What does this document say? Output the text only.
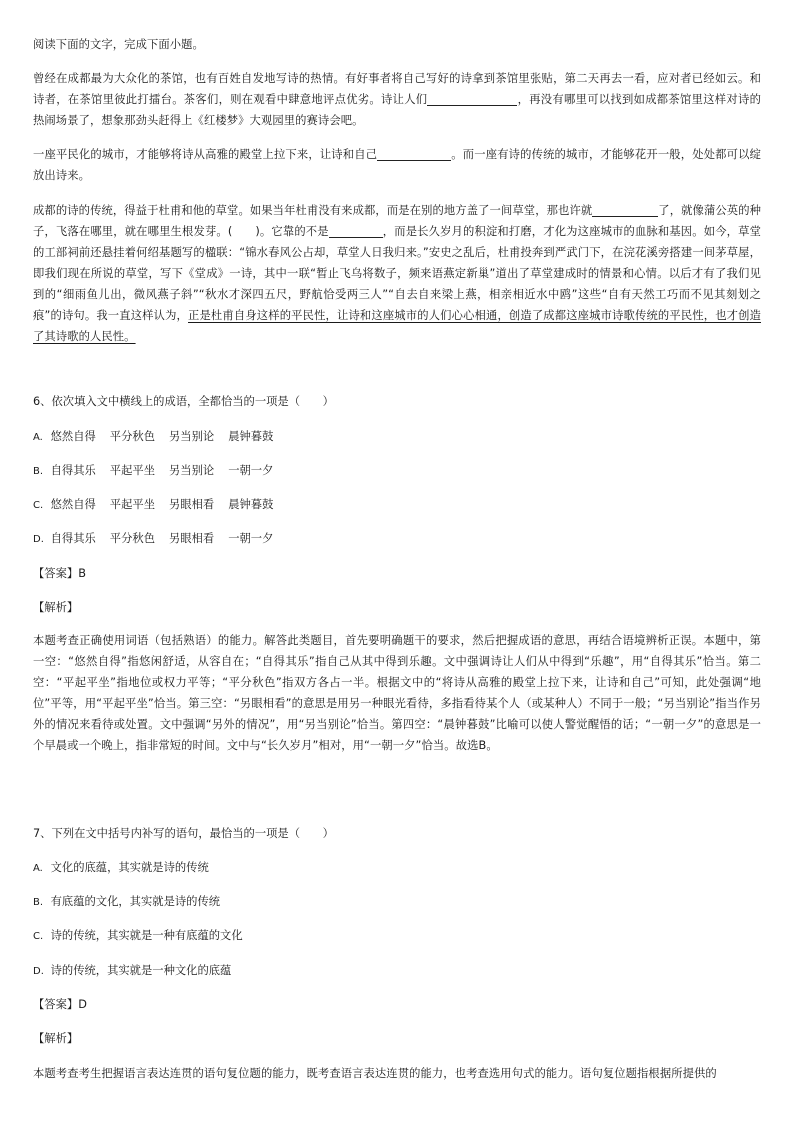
阅读下面的文字，完成下面小题。

曾经在成都最为大众化的茶馆，也有百姓自发地写诗的热情。有好事者将自己写好的诗拿到茶馆里张贴，第二天再去一看，应对者已经如云。和诗者，在茶馆里彼此打擂台。茶客们，则在观看中肆意地评点优劣。诗让人们	，再没有哪里可以找到如成都茶馆里这样对诗的热闹场景了，想象那劲头赶得上《红楼梦》大观园里的赛诗会吧。

一座平民化的城市，才能够将诗从高雅的殿堂上拉下来，让诗和自己	。而一座有诗的传统的城市，才能够花开一般，处处都可以绽放出诗来。

成都的诗的传统，得益于杜甫和他的草堂。如果当年杜甫没有来成都，而是在别的地方盖了一间草堂，那也许就	了，就像蒲公英的种子，飞落在哪里，就在哪里生根发芽。(　　)。它靠的不是	，而是长久岁月的积淀和打磨，才化为这座城市的血脉和基因。如今，草堂的工部祠前还悬挂着何绍基题写的楹联：“锦水春风公占却，草堂人日我归来。”安史之乱后，杜甫投奔到严武门下，在浣花溪旁搭建一间茅草屋，即我们现在所说的草堂，写下《堂成》一诗，其中一联“暂止飞乌将数子，频来语燕定新巢”道出了草堂建成时的情景和心情。以后才有了我们见到的“细雨鱼儿出，微风燕子斜”“秋水才深四五尺，野航恰受两三人”“自去自来梁上燕，相亲相近水中鸥”这些“自有天然工巧而不见其刻划之痕”的诗句。我一直这样认为，正是杜甫自身这样的平民性，让诗和这座城市的人们心心相通，创造了成都这座城市诗歌传统的平民性，也才创造了其诗歌的人民性。

6、依次填入文中横线上的成语，全都恰当的一项是（　　）
A. 悠然自得 平分秋色 另当别论 晨钟暮鼓
B. 自得其乐 平起平坐 另当别论 一朝一夕
C. 悠然自得 平起平坐 另眼相看 晨钟暮鼓
D. 自得其乐 平分秋色 另眼相看 一朝一夕
【答案】B
【解析】

本题考查正确使用词语（包括熟语）的能力。解答此类题目，首先要明确题干的要求，然后把握成语的意思，再结合语境辨析正误。本题中，第一空：“悠然自得”指悠闲舒适，从容自在；“自得其乐”指自己从其中得到乐趣。文中强调诗让人们从中得到“乐趣”，用“自得其乐”恰当。第二空：“平起平坐”指地位或权力平等；“平分秋色”指双方各占一半。根据文中的“将诗从高雅的殿堂上拉下来，让诗和自己”可知，此处强调“地位”平等，用“平起平坐”恰当。第三空：“另眼相看”的意思是用另一种眼光看待，多指看待某个人（或某种人）不同于一般；“另当别论”指当作另外的情况来看待或处置。文中强调“另外的情况”，用“另当别论”恰当。第四空：“晨钟暮鼓”比喻可以使人警觉醒悟的话；“一朝一夕”的意思是一个早晨或一个晚上，指非常短的时间。文中与“长久岁月”相对，用“一朝一夕”恰当。故选B。

7、下列在文中括号内补写的语句，最恰当的一项是（　　）
A. 文化的底蕴，其实就是诗的传统
B. 有底蕴的文化，其实就是诗的传统
C. 诗的传统，其实就是一种有底蕴的文化
D. 诗的传统，其实就是一种文化的底蕴
【答案】D
【解析】

本题考查考生把握语言表达连贯的语句复位题的能力，既考查语言表达连贯的能力，也考查选用句式的能力。语句复位题指根据所提供的
